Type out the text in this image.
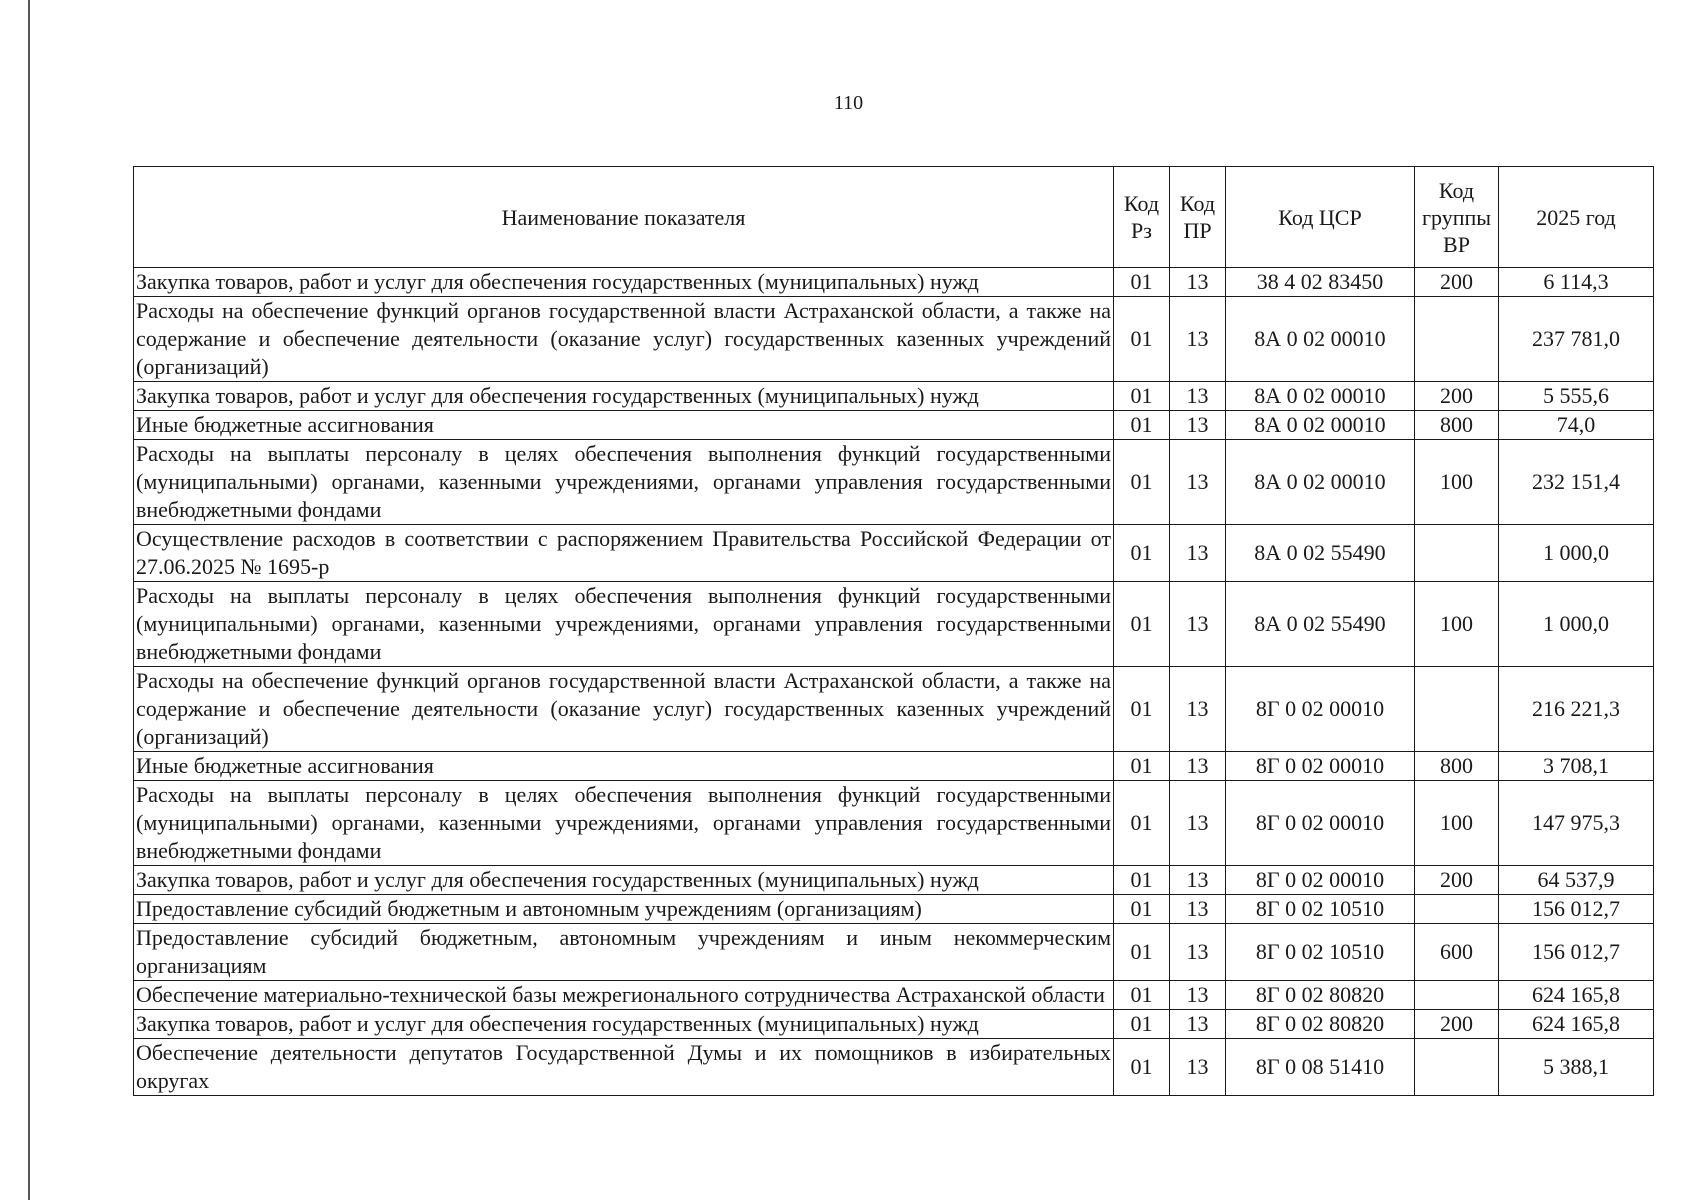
110
Наименование показателя	Код Рз	Код ПР	Код ЦСР	Код группы ВР	2025 год
Закупка товаров, работ и услуг для обеспечения государственных (муниципальных) нужд	01	13	38 4 02 83450	200	6 114,3
Расходы на обеспечение функций органов государственной власти Астраханской области, а также на содержание и обеспечение деятельности (оказание услуг) государственных казенных учреждений (организаций)	01	13	8А 0 02 00010		237 781,0
Закупка товаров, работ и услуг для обеспечения государственных (муниципальных) нужд	01	13	8А 0 02 00010	200	5 555,6
Иные бюджетные ассигнования	01	13	8А 0 02 00010	800	74,0
Расходы на выплаты персоналу в целях обеспечения выполнения функций государственными (муниципальными) органами, казенными учреждениями, органами управления государственными внебюджетными фондами	01	13	8А 0 02 00010	100	232 151,4
Осуществление расходов в соответствии с распоряжением Правительства Российской Федерации от 27.06.2025 № 1695-р	01	13	8А 0 02 55490		1 000,0
Расходы на выплаты персоналу в целях обеспечения выполнения функций государственными (муниципальными) органами, казенными учреждениями, органами управления государственными внебюджетными фондами	01	13	8А 0 02 55490	100	1 000,0
Расходы на обеспечение функций органов государственной власти Астраханской области, а также на содержание и обеспечение деятельности (оказание услуг) государственных казенных учреждений (организаций)	01	13	8Г 0 02 00010		216 221,3
Иные бюджетные ассигнования	01	13	8Г 0 02 00010	800	3 708,1
Расходы на выплаты персоналу в целях обеспечения выполнения функций государственными (муниципальными) органами, казенными учреждениями, органами управления государственными внебюджетными фондами	01	13	8Г 0 02 00010	100	147 975,3
Закупка товаров, работ и услуг для обеспечения государственных (муниципальных) нужд	01	13	8Г 0 02 00010	200	64 537,9
Предоставление субсидий бюджетным и автономным учреждениям (организациям)	01	13	8Г 0 02 10510		156 012,7
Предоставление субсидий бюджетным, автономным учреждениям и иным некоммерческим организациям	01	13	8Г 0 02 10510	600	156 012,7
Обеспечение материально-технической базы межрегионального сотрудничества Астраханской области	01	13	8Г 0 02 80820		624 165,8
Закупка товаров, работ и услуг для обеспечения государственных (муниципальных) нужд	01	13	8Г 0 02 80820	200	624 165,8
Обеспечение деятельности депутатов Государственной Думы и их помощников в избирательных округах	01	13	8Г 0 08 51410		5 388,1
